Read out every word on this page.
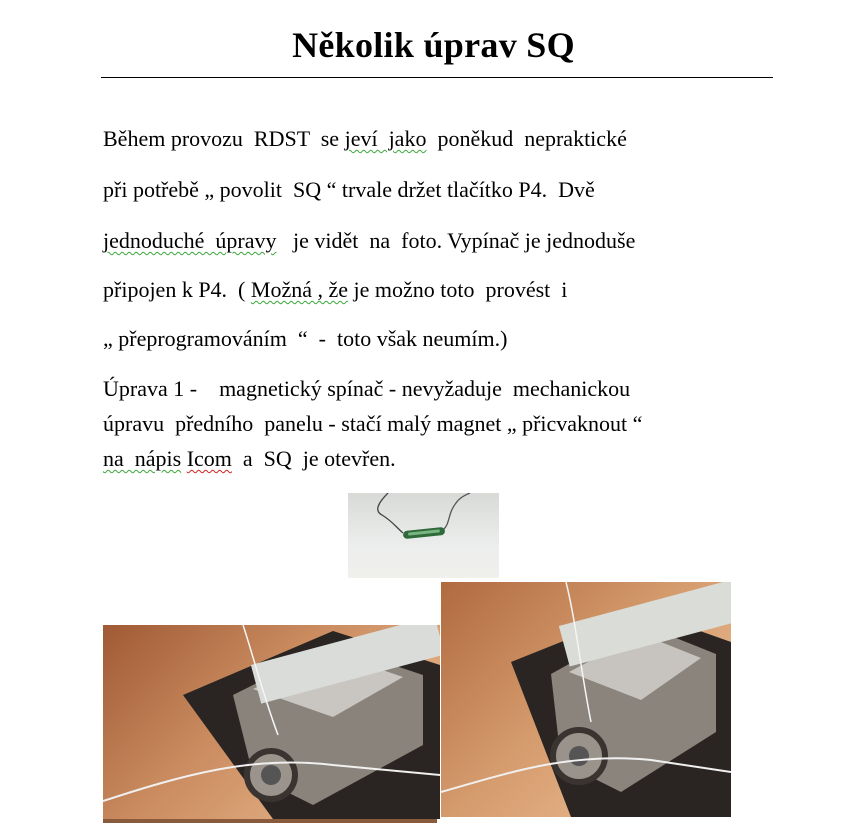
Několik úprav SQ
Během provozu  RDST  se jeví  jako  poněkud  nepraktické
při potřebě „ povolit  SQ “ trvale držet tlačítko P4.  Dvě
jednoduché  úpravy   je vidět  na  foto. Vypínač je jednoduše
připojen k P4.  ( Možná , že je možno toto  provést  i
„ přeprogramováním  “  -  toto však neumím.)
Úprava 1 -    magnetický spínač - nevyžaduje  mechanickou
úpravu  předního  panelu - stačí malý magnet „ přicvaknout “
na  nápis Icom  a  SQ  je otevřen.
